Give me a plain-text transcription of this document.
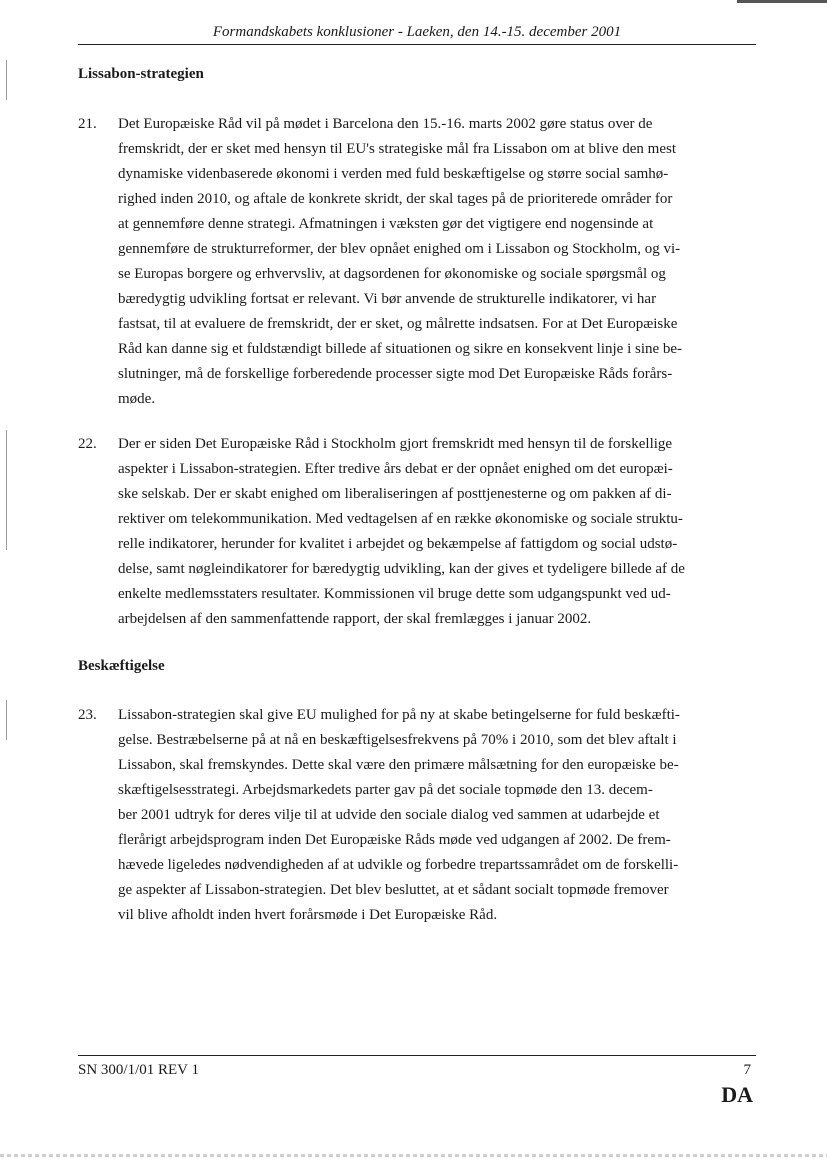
Formandskabets konklusioner - Laeken, den 14.-15. december 2001
Lissabon-strategien
21. Det Europæiske Råd vil på mødet i Barcelona den 15.-16. marts 2002 gøre status over de
fremskridt, der er sket med hensyn til EU's strategiske mål fra Lissabon om at blive den mest
dynamiske videnbaserede økonomi i verden med fuld beskæftigelse og større social samhø-
righed inden 2010, og aftale de konkrete skridt, der skal tages på de prioriterede områder for
at gennemføre denne strategi. Afmatningen i væksten gør det vigtigere end nogensinde at
gennemføre de strukturreformer, der blev opnået enighed om i Lissabon og Stockholm, og vi-
se Europas borgere og erhvervsliv, at dagsordenen for økonomiske og sociale spørgsmål og
bæredygtig udvikling fortsat er relevant. Vi bør anvende de strukturelle indikatorer, vi har
fastsat, til at evaluere de fremskridt, der er sket, og målrette indsatsen. For at Det Europæiske
Råd kan danne sig et fuldstændigt billede af situationen og sikre en konsekvent linje i sine be-
slutninger, må de forskellige forberedende processer sigte mod Det Europæiske Råds forårs-
møde.
22. Der er siden Det Europæiske Råd i Stockholm gjort fremskridt med hensyn til de forskellige
aspekter i Lissabon-strategien. Efter tredive års debat er der opnået enighed om det europæi-
ske selskab. Der er skabt enighed om liberaliseringen af posttjenesterne og om pakken af di-
rektiver om telekommunikation. Med vedtagelsen af en række økonomiske og sociale struktu-
relle indikatorer, herunder for kvalitet i arbejdet og bekæmpelse af fattigdom og social udstø-
delse, samt nøgleindikatorer for bæredygtig udvikling, kan der gives et tydeligere billede af de
enkelte medlemsstaters resultater. Kommissionen vil bruge dette som udgangspunkt ved ud-
arbejdelsen af den sammenfattende rapport, der skal fremlægges i januar 2002.
Beskæftigelse
23. Lissabon-strategien skal give EU mulighed for på ny at skabe betingelserne for fuld beskæfti-
gelse. Bestræbelserne på at nå en beskæftigelsesfrekvens på 70% i 2010, som det blev aftalt i
Lissabon, skal fremskyndes. Dette skal være den primære målsætning for den europæiske be-
skæftigelsesstrategi. Arbejdsmarkedets parter gav på det sociale topmøde den 13. decem-
ber 2001 udtryk for deres vilje til at udvide den sociale dialog ved sammen at udarbejde et
flerårigt arbejdsprogram inden Det Europæiske Råds møde ved udgangen af 2002. De frem-
hævede ligeledes nødvendigheden af at udvikle og forbedre trepartssamrådet om de forskelli-
ge aspekter af Lissabon-strategien. Det blev besluttet, at et sådant socialt topmøde fremover
vil blive afholdt inden hvert forårsmøde i Det Europæiske Råd.
SN 300/1/01 REV 1	7
DA
